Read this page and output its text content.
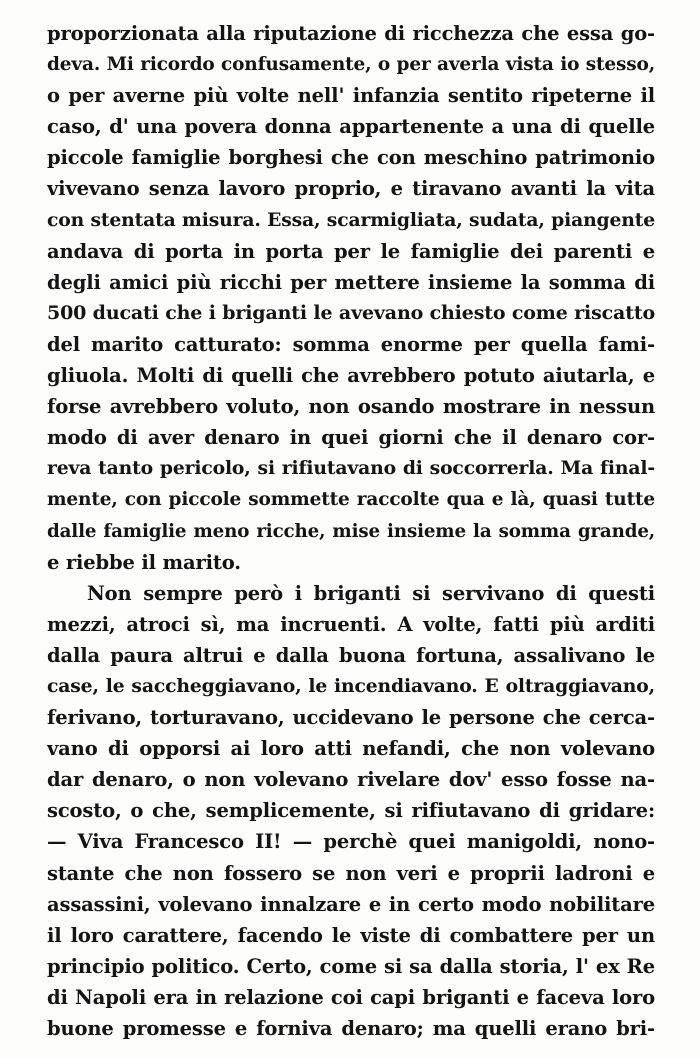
proporzionata alla riputazione di ricchezza che essa go-
deva. Mi ricordo confusamente, o per averla vista io stesso,
o per averne più volte nell' infanzia sentito ripeterne il
caso, d' una povera donna appartenente a una di quelle
piccole famiglie borghesi che con meschino patrimonio
vivevano senza lavoro proprio, e tiravano avanti la vita
con stentata misura. Essa, scarmigliata, sudata, piangente
andava di porta in porta per le famiglie dei parenti e
degli amici più ricchi per mettere insieme la somma di
500 ducati che i briganti le avevano chiesto come riscatto
del marito catturato: somma enorme per quella fami-
gliuola. Molti di quelli che avrebbero potuto aiutarla, e
forse avrebbero voluto, non osando mostrare in nessun
modo di aver denaro in quei giorni che il denaro cor-
reva tanto pericolo, si rifiutavano di soccorrerla. Ma final-
mente, con piccole sommette raccolte qua e là, quasi tutte
dalle famiglie meno ricche, mise insieme la somma grande,
e riebbe il marito.
Non sempre però i briganti si servivano di questi
mezzi, atroci sì, ma incruenti. A volte, fatti più arditi
dalla paura altrui e dalla buona fortuna, assalivano le
case, le saccheggiavano, le incendiavano. E oltraggiavano,
ferivano, torturavano, uccidevano le persone che cerca-
vano di opporsi ai loro atti nefandi, che non volevano
dar denaro, o non volevano rivelare dov' esso fosse na-
scosto, o che, semplicemente, si rifiutavano di gridare:
— Viva Francesco II! — perchè quei manigoldi, nono-
stante che non fossero se non veri e proprii ladroni e
assassini, volevano innalzare e in certo modo nobilitare
il loro carattere, facendo le viste di combattere per un
principio politico. Certo, come si sa dalla storia, l' ex Re
di Napoli era in relazione coi capi briganti e faceva loro
buone promesse e forniva denaro; ma quelli erano bri-
